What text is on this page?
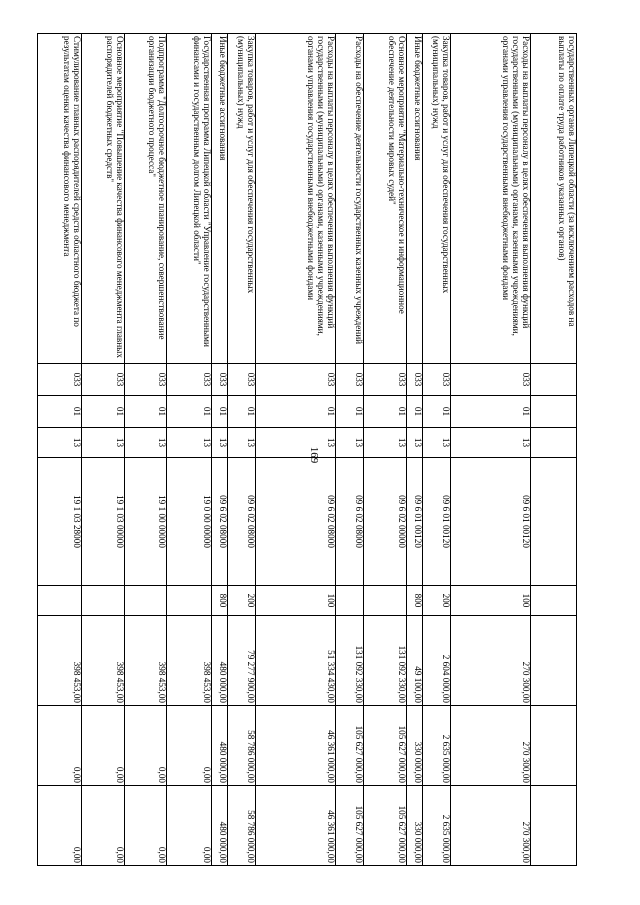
169
государственных органов Липецкой области (за исключением расходов на выплаты по оплате труда работников указанных органов)								
Расходы на выплаты персоналу в целях обеспечения выполнения функций государственными (муниципальными) органами, казенными учреждениями, органами управления государственными внебюджетными фондами	033	01	13	09 6 01 00120	100	270 300,00	270 300,00	270 300,00
Закупка товаров, работ и услуг для обеспечения государственных (муниципальных) нужд	033	01	13	09 6 01 00120	200	2 604 000,00	2 635 000,00	2 635 000,00
Иные бюджетные ассигнования	033	01	13	09 6 01 00120	800	49 100,00	330 000,00	330 000,00
Основное мероприятие "Материально-техническое и информационное обеспечение деятельности мировых судей"	033	01	13	09 6 02 00000		131 092 330,00	105 627 000,00	105 627 000,00
Расходы на обеспечение деятельности государственных казенных учреждений	033	01	13	09 6 02 08000		131 092 330,00	105 627 000,00	105 627 000,00
Расходы на выплаты персоналу в целях обеспечения выполнения функций государственными (муниципальными) органами, казенными учреждениями, органами управления государственными внебюджетными фондами	033	01	13	09 6 02 08000	100	51 334 430,00	46 361 000,00	46 361 000,00
Закупка товаров, работ и услуг для обеспечения государственных (муниципальных) нужд	033	01	13	09 6 02 08000	200	79 277 900,00	58 786 000,00	58 786 000,00
Иные бюджетные ассигнования	033	01	13	09 6 02 08000	800	480 000,00	480 000,00	480 000,00
Государственная программа Липецкой области "Управление государственными финансами и государственным долгом Липецкой области"	033	01	13	19 0 00 00000		398 453,00	0,00	0,00
Подпрограмма "Долгосрочное бюджетное планирование, совершенствование организации бюджетного процесса"	033	01	13	19 1 00 00000		398 453,00	0,00	0,00
Основное мероприятие "Повышение качества финансового менеджмента главных распорядителей бюджетных средств"	033	01	13	19 1 03 00000		398 453,00	0,00	0,00
Стимулирование главных распорядителей средств областного бюджета по результатам оценки качества финансового менеджмента	033	01	13	19 1 03 28000		398 453,00	0,00	0,00
